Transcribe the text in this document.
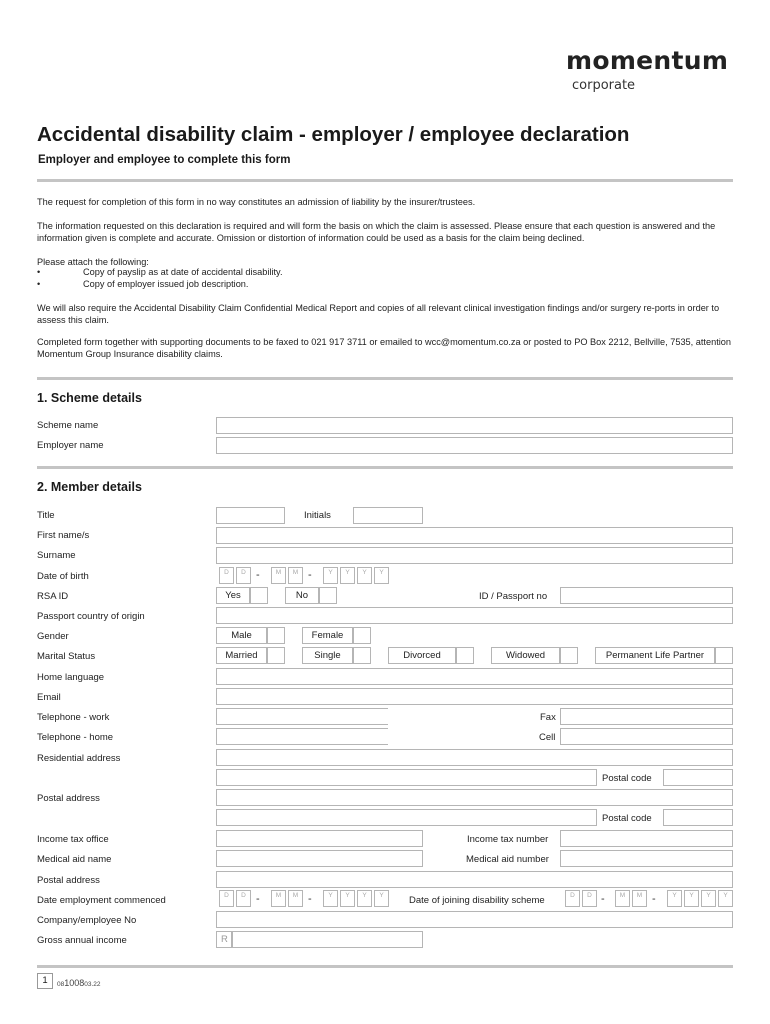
momentum
corporate
Accidental disability claim - employer / employee declaration
Employer and employee to complete this form
The request for completion of this form in no way constitutes an admission of liability by the insurer/trustees.
The information requested on this declaration is required and will form the basis on which the claim is assessed. Please ensure that each question is answered and the information given is complete and accurate. Omission or distortion of information could be used as a basis for the claim being declined.
Please attach the following:
•	Copy of payslip as at date of accidental disability.
•	Copy of employer issued job description.
We will also require the Accidental Disability Claim Confidential Medical Report and copies of all relevant clinical investigation findings and/or surgery re-ports in order to assess this claim.
Completed form together with supporting documents to be faxed to 021 917 3711 or emailed to wcc@momentum.co.za or posted to PO Box 2212, Bellville, 7535, attention Momentum Group Insurance disability claims.
1. Scheme details
Scheme name
Employer name
2. Member details
Title	Initials
First name/s
Surname
Date of birth	D	D -	M	M -	Y	Y	Y	Y
RSA ID	Yes	No	ID / Passport no
Passport country of origin
Gender	Male	Female
Marital Status	Married	Single	Divorced	Widowed	Permanent Life Partner
Home language
Email
Telephone - work	Fax
Telephone - home	Cell
Residential address
Postal code
Postal address
Postal code
Income tax office	Income tax number
Medical aid name	Medical aid number
Postal address
Date employment commenced	D	D -	M	M -	Y	Y	Y	Y	Date of joining disability scheme	D	D -	M	M -	Y	Y	Y	Y
Company/employee No
Gross annual income	R
1	08100803.22
